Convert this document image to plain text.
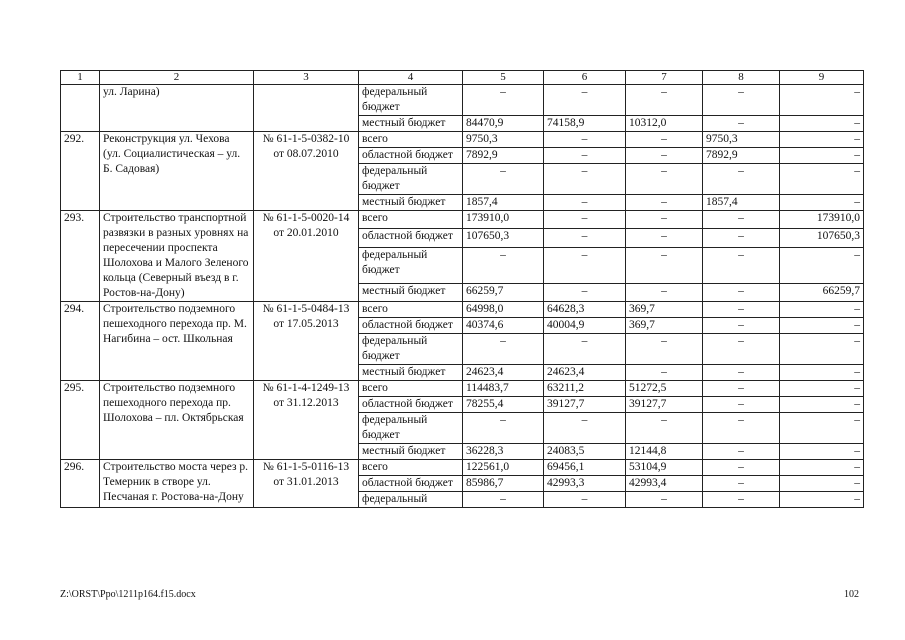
1	2	3	4	5	6	7	8	9
	ул. Ларина)		федеральный бюджет	–	–	–	–	–
			местный бюджет	84470,9	74158,9	10312,0	–	–
292.	Реконструкция ул. Чехова (ул. Социалистическая – ул. Б. Садовая)	№ 61-1-5-0382-10 от 08.07.2010	всего	9750,3	–	–	9750,3	–
			областной бюджет	7892,9	–	–	7892,9	–
			федеральный бюджет	–	–	–	–	–
			местный бюджет	1857,4	–	–	1857,4	–
293.	Строительство транспортной развязки в разных уровнях на пересечении проспекта Шолохова и Малого Зеленого кольца (Северный въезд в г. Ростов-на-Дону)	№ 61-1-5-0020-14 от 20.01.2010	всего	173910,0	–	–	–	173910,0
			областной бюджет	107650,3	–	–	–	107650,3
			федеральный бюджет	–	–	–	–	–
			местный бюджет	66259,7	–	–	–	66259,7
294.	Строительство подземного пешеходного перехода пр. М. Нагибина – ост. Школьная	№ 61-1-5-0484-13 от 17.05.2013	всего	64998,0	64628,3	369,7	–	–
			областной бюджет	40374,6	40004,9	369,7	–	–
			федеральный бюджет	–	–	–	–	–
			местный бюджет	24623,4	24623,4	–	–	–
295.	Строительство подземного пешеходного перехода пр. Шолохова – пл. Октябрьская	№ 61-1-4-1249-13 от 31.12.2013	всего	114483,7	63211,2	51272,5	–	–
			областной бюджет	78255,4	39127,7	39127,7	–	–
			федеральный бюджет	–	–	–	–	–
			местный бюджет	36228,3	24083,5	12144,8	–	–
296.	Строительство моста через р. Темерник в створе ул. Песчаная г. Ростова-на-Дону	№ 61-1-5-0116-13 от 31.01.2013	всего	122561,0	69456,1	53104,9	–	–
			областной бюджет	85986,7	42993,3	42993,4	–	–
			федеральный	–	–	–	–	–
Z:\ORST\Ppo\1211p164.f15.docx	102
